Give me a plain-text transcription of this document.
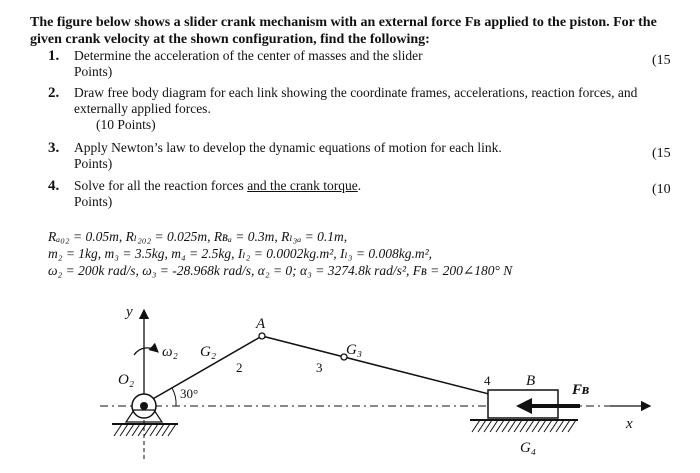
The figure below shows a slider crank mechanism with an external force Fʙ applied to the piston. For the given crank velocity at the shown configuration, find the following:
1. Determine the acceleration of the center of masses and the slider
Points)
(15
2. Draw free body diagram for each link showing the coordinate frames, accelerations, reaction forces, and externally applied forces.
(10 Points)
3. Apply Newton’s law to develop the dynamic equations of motion for each link.
Points)
(15
4. Solve for all the reaction forces and the crank torque.
Points)
(10
Rₐ₀₂ = 0.05m, Rₗ₂₀₂ = 0.025m, Rʙₐ = 0.3m, Rₗ₃ₐ = 0.1m,
m₂ = 1kg, m₃ = 3.5kg, m₄ = 2.5kg, Iₗ₂ = 0.0002kg.m², Iₗ₃ = 0.008kg.m²,
ω₂ = 200k rad/s, ω₃ = -28.968k rad/s, α₂ = 0; α₃ = 3274.8k rad/s², Fʙ = 200∠180° N
y
ω₂
O₂
G₂
2
30°
A
3
G₃
4 B
Fʙ
G₄
x
